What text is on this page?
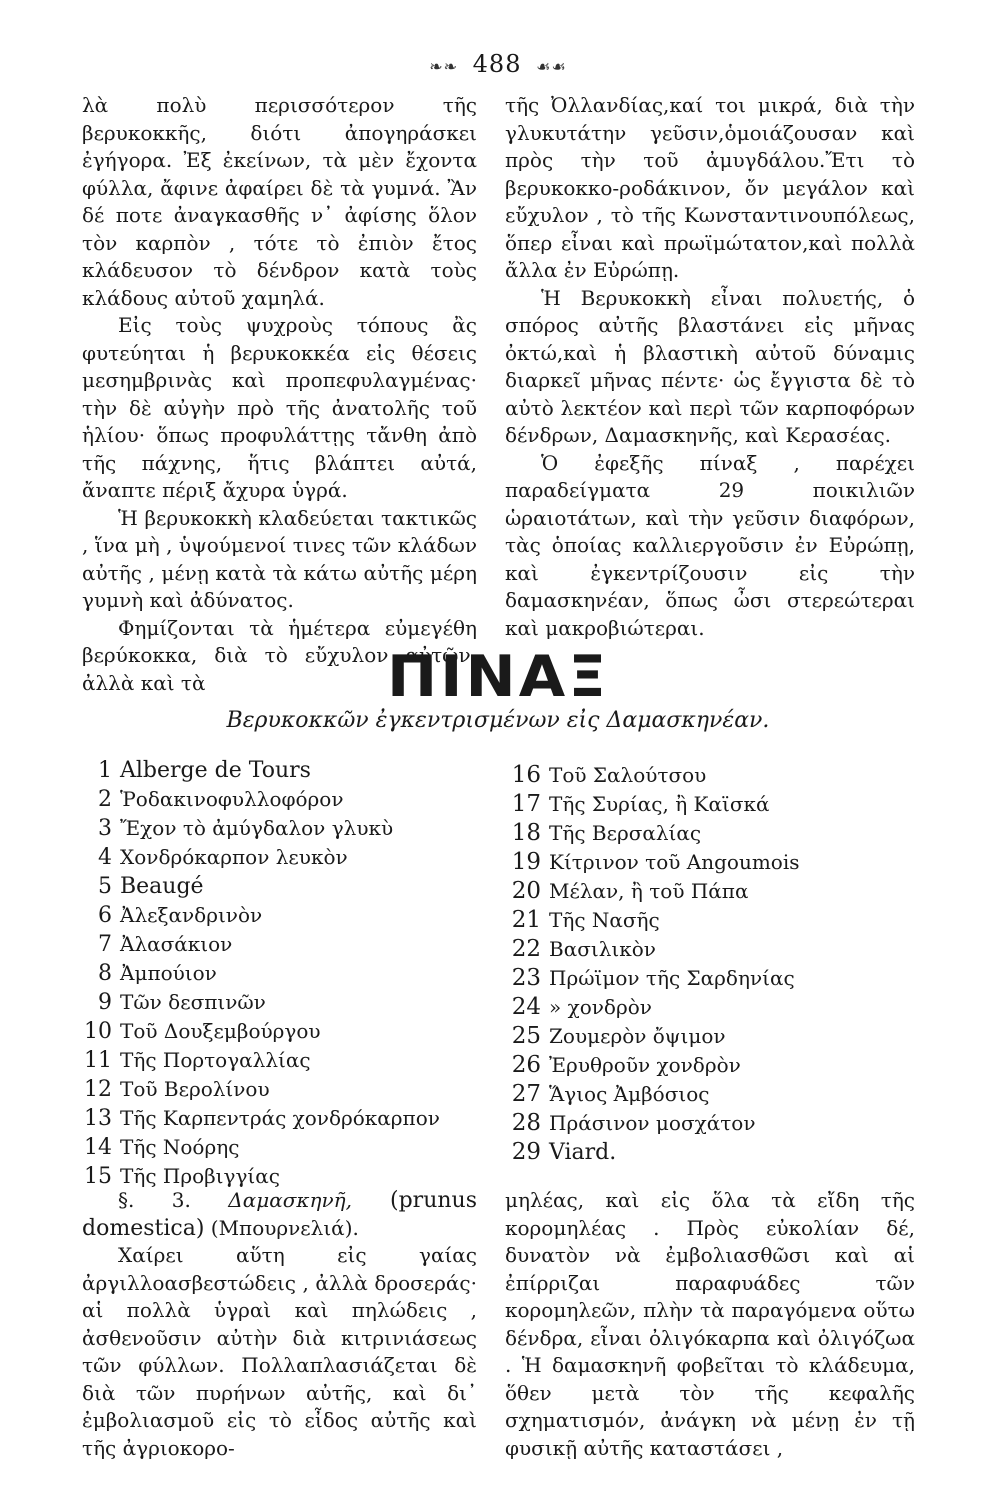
❧❧ 488 ☙☙

λὰ πολὺ περισσότερον τῆς βερυκοκκῆς, διότι ἀπογηράσκει ἐγήγορα. Ἐξ ἐκείνων, τὰ μὲν ἔχοντα φύλλα, ἄφινε ἀφαίρει δὲ τὰ γυμνά. Ἂν δέ ποτε ἀναγκασθῆς ν᾽ ἀφίσης ὅλον τὸν καρπὸν , τότε τὸ ἐπιὸν ἔτος κλάδευσον τὸ δένδρον κατὰ τοὺς κλάδους αὐτοῦ χαμηλά.

Εἰς τοὺς ψυχροὺς τόπους ἂς φυτεύηται ἡ βερυκοκκέα εἰς θέσεις μεσημβρινὰς καὶ προπεφυλαγμένας· τὴν δὲ αὐγὴν πρὸ τῆς ἀνατολῆς τοῦ ἡλίου· ὅπως προφυλάττῃς τἄνθη ἀπὸ τῆς πάχνης, ἥτις βλάπτει αὐτά, ἄναπτε πέριξ ἄχυρα ὑγρά.

Ἡ βερυκοκκὴ κλαδεύεται τακτικῶς , ἵνα μὴ , ὑψούμενοί τινες τῶν κλάδων αὐτῆς , μένῃ κατὰ τὰ κάτω αὐτῆς μέρη γυμνὴ καὶ ἀδύνατος.

Φημίζονται τὰ ἡμέτερα εὐμεγέθη βερύκοκκα, διὰ τὸ εὔχυλον αὐτῶν, ἀλλὰ καὶ τὰ

τῆς Ὀλλανδίας,καί τοι μικρά, διὰ τὴν γλυκυτάτην γεῦσιν,ὁμοιάζουσαν καὶ πρὸς τὴν τοῦ ἀμυγδάλου.Ἔτι τὸ βερυκοκκο-ροδάκινον, ὄν μεγάλον καὶ εὔχυλον , τὸ τῆς Κωνσταντινουπόλεως, ὅπερ εἶναι καὶ πρωϊμώτατον,καὶ πολλὰ ἄλλα ἐν Εὐρώπῃ.

Ἡ Βερυκοκκὴ εἶναι πολυετής, ὁ σπόρος αὐτῆς βλαστάνει εἰς μῆνας ὀκτώ,καὶ ἡ βλαστικὴ αὐτοῦ δύναμις διαρκεῖ μῆνας πέντε· ὡς ἔγγιστα δὲ τὸ αὐτὸ λεκτέον καὶ περὶ τῶν καρποφόρων δένδρων, Δαμασκηνῆς, καὶ Κερασέας.

Ὁ ἐφεξῆς πίναξ , παρέχει παραδείγματα 29 ποικιλιῶν ὡραιοτάτων, καὶ τὴν γεῦσιν διαφόρων, τὰς ὁποίας καλλιεργοῦσιν ἐν Εὐρώπῃ, καὶ ἐγκεντρίζουσιν εἰς τὴν δαμασκηνέαν, ὅπως ὦσι στερεώτεραι καὶ μακροβιώτεραι.

ΠΙΝΑΞ
Βερυκοκκῶν ἐγκεντρισμένων εἰς Δαμασκηνέαν.
1 Alberge de Tours
2 Ῥοδακινοφυλλοφόρον
3 Ἔχον τὸ ἀμύγδαλον γλυκὺ
4 Χονδρόκαρπον λευκὸν
5 Beaugé
6 Ἀλεξανδρινὸν
7 Ἀλασάκιον
8 Ἀμπούιον
9 Τῶν δεσπινῶν
10 Τοῦ Δουξεμβούργου
11 Τῆς Πορτογαλλίας
12 Τοῦ Βερολίνου
13 Τῆς Καρπεντράς χονδρόκαρπον
14 Τῆς Νοόρης
15 Τῆς Προβιγγίας
16 Τοῦ Σαλούτσου
17 Τῆς Συρίας, ἢ Καϊσκά
18 Τῆς Βερσαλίας
19 Κίτρινον τοῦ Angoumois
20 Μέλαν, ἢ τοῦ Πάπα
21 Τῆς Νασῆς
22 Βασιλικὸν
23 Πρώϊμον τῆς Σαρδηνίας
24 » χονδρὸν
25 Ζουμερὸν ὄψιμον
26 Ἐρυθροῦν χονδρὸν
27 Ἅγιος Ἀμβόσιος
28 Πράσινον μοσχάτον
29 Viard.

§. 3. Δαμασκηνῆ, (prunus domestica) (Μπουρνελιά).

Χαίρει αὕτη εἰς γαίας ἀργιλλοασβεστώδεις , ἀλλὰ δροσεράς· αἱ πολλὰ ὑγραὶ καὶ πηλώδεις , ἀσθενοῦσιν αὐτὴν διὰ κιτρινιάσεως τῶν φύλλων. Πολλαπλασιάζεται δὲ διὰ τῶν πυρήνων αὐτῆς, καὶ δι᾽ ἐμβολιασμοῦ εἰς τὸ εἶδος αὐτῆς καὶ τῆς ἀγριοκορο-

μηλέας, καὶ εἰς ὅλα τὰ εἴδη τῆς κορομηλέας . Πρὸς εὐκολίαν δέ, δυνατὸν νὰ ἐμβολιασθῶσι καὶ αἱ ἐπίρριζαι παραφυάδες τῶν κορομηλεῶν, πλὴν τὰ παραγόμενα οὕτω δένδρα, εἶναι ὀλιγόκαρπα καὶ ὀλιγόζωα . Ἡ δαμασκηνῆ φοβεῖται τὸ κλάδευμα, ὅθεν μετὰ τὸν τῆς κεφαλῆς σχηματισμόν, ἀνάγκη νὰ μένῃ ἐν τῇ φυσικῇ αὐτῆς καταστάσει ,
